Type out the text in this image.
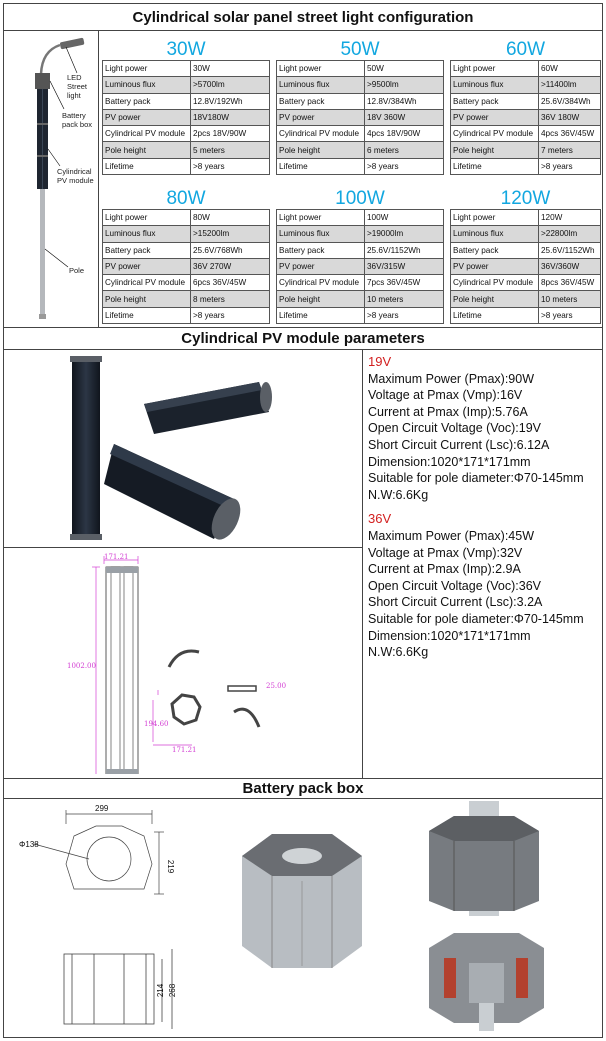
Cylindrical solar panel street light configuration
LED Street light
Battery pack box
Cylindrical PV module
Pole
30W
Light power	30W
Luminous flux	>5700lm
Battery pack	12.8V/192Wh
PV power	18V180W
Cylindrical PV module	2pcs 18V/90W
Pole height	5 meters
Lifetime	>8 years
50W
Light power	50W
Luminous flux	>9500lm
Battery pack	12.8V/384Wh
PV power	18V 360W
Cylindrical PV module	4pcs 18V/90W
Pole height	6 meters
Lifetime	>8 years
60W
Light power	60W
Luminous flux	>11400lm
Battery pack	25.6V/384Wh
PV power	36V 180W
Cylindrical PV module	4pcs 36V/45W
Pole height	7 meters
Lifetime	>8 years
80W
Light power	80W
Luminous flux	>15200lm
Battery pack	25.6V/768Wh
PV power	36V 270W
Cylindrical PV module	6pcs 36V/45W
Pole height	8 meters
Lifetime	>8 years
100W
Light power	100W
Luminous flux	>19000lm
Battery pack	25.6V/1152Wh
PV power	36V/315W
Cylindrical PV module	7pcs 36V/45W
Pole height	10 meters
Lifetime	>8 years
120W
Light power	120W
Luminous flux	>22800lm
Battery pack	25.6V/1152Wh
PV power	36V/360W
Cylindrical PV module	8pcs 36V/45W
Pole height	10 meters
Lifetime	>8 years
Cylindrical PV module parameters
171.21
1002.00
25.00
194.60
171.21
19V
Maximum Power (Pmax):90W
Voltage at Pmax (Vmp):16V
Current at Pmax (Imp):5.76A
Open Circuit Voltage (Voc):19V
Short Circuit Current (Lsc):6.12A
Dimension:1020*171*171mm
Suitable for pole diameter:Φ70-145mm
N.W:6.6Kg
36V
Maximum Power (Pmax):45W
Voltage at Pmax (Vmp):32V
Current at Pmax (Imp):2.9A
Open Circuit Voltage (Voc):36V
Short Circuit Current (Lsc):3.2A
Suitable for pole diameter:Φ70-145mm
Dimension:1020*171*171mm
N.W:6.6Kg
Battery pack box
299
219
Φ138
214 268
